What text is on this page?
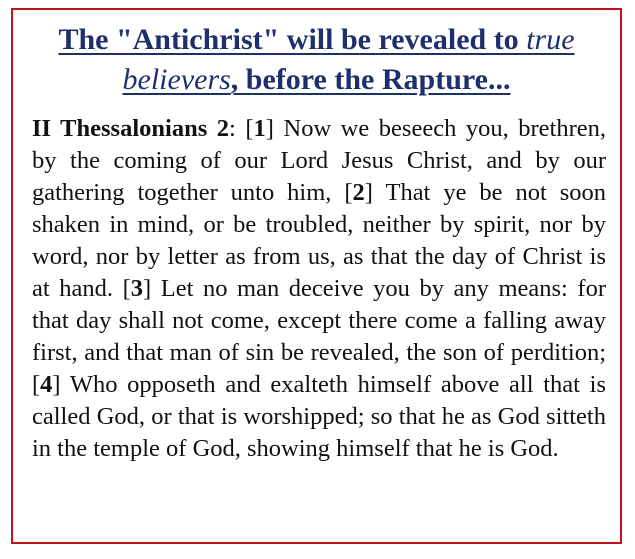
The "Antichrist" will be revealed to true
believers, before the Rapture...

II Thessalonians 2: [1] Now we beseech you, brethren, by the coming of our Lord Jesus Christ, and by our gathering together unto him, [2] That ye be not soon shaken in mind, or be troubled, neither by spirit, nor by word, nor by letter as from us, as that the day of Christ is at hand. [3] Let no man deceive you by any means: for that day shall not come, except there come a falling away first, and that man of sin be revealed, the son of perdition; [4] Who opposeth and exalteth himself above all that is called God, or that is worshipped; so that he as God sitteth in the temple of God, showing himself that he is God.
